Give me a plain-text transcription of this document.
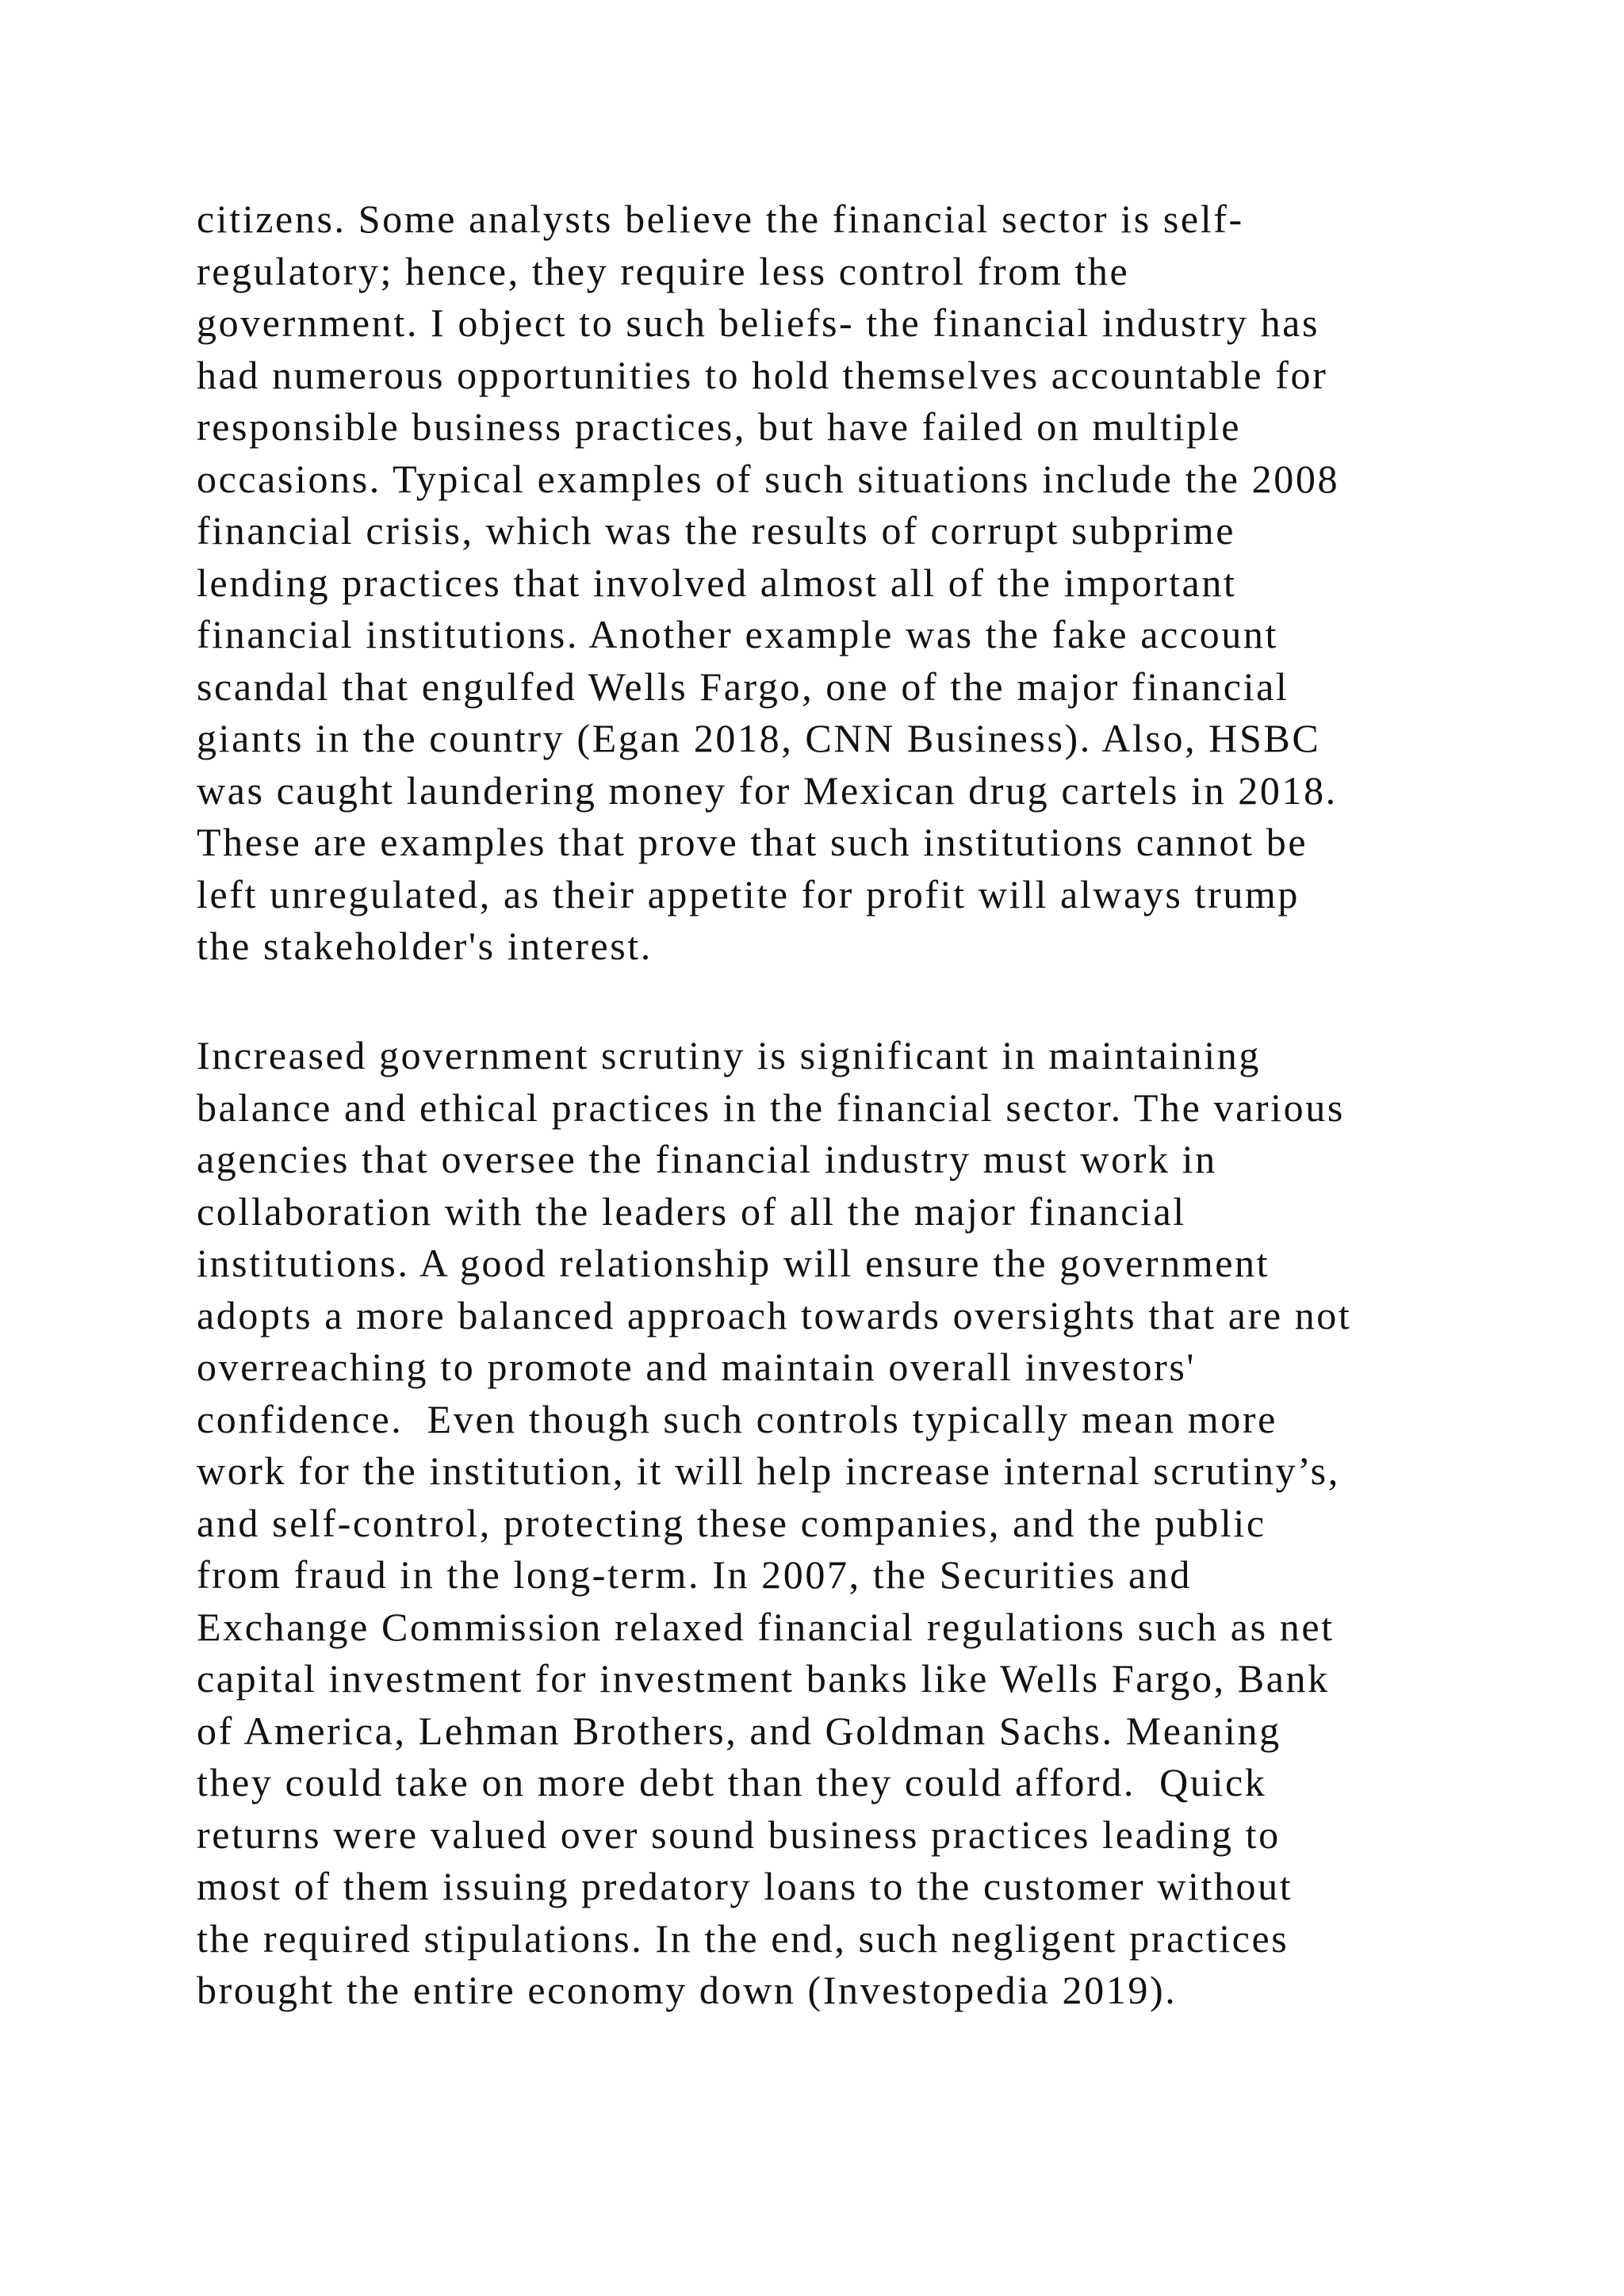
citizens. Some analysts believe the financial sector is self-
regulatory; hence, they require less control from the
government. I object to such beliefs- the financial industry has
had numerous opportunities to hold themselves accountable for
responsible business practices, but have failed on multiple
occasions. Typical examples of such situations include the 2008
financial crisis, which was the results of corrupt subprime
lending practices that involved almost all of the important
financial institutions. Another example was the fake account
scandal that engulfed Wells Fargo, one of the major financial
giants in the country (Egan 2018, CNN Business). Also, HSBC
was caught laundering money for Mexican drug cartels in 2018.
These are examples that prove that such institutions cannot be
left unregulated, as their appetite for profit will always trump
the stakeholder's interest.
Increased government scrutiny is significant in maintaining
balance and ethical practices in the financial sector. The various
agencies that oversee the financial industry must work in
collaboration with the leaders of all the major financial
institutions. A good relationship will ensure the government
adopts a more balanced approach towards oversights that are not
overreaching to promote and maintain overall investors'
confidence.  Even though such controls typically mean more
work for the institution, it will help increase internal scrutiny’s,
and self-control, protecting these companies, and the public
from fraud in the long-term. In 2007, the Securities and
Exchange Commission relaxed financial regulations such as net
capital investment for investment banks like Wells Fargo, Bank
of America, Lehman Brothers, and Goldman Sachs. Meaning
they could take on more debt than they could afford.  Quick
returns were valued over sound business practices leading to
most of them issuing predatory loans to the customer without
the required stipulations. In the end, such negligent practices
brought the entire economy down (Investopedia 2019).
